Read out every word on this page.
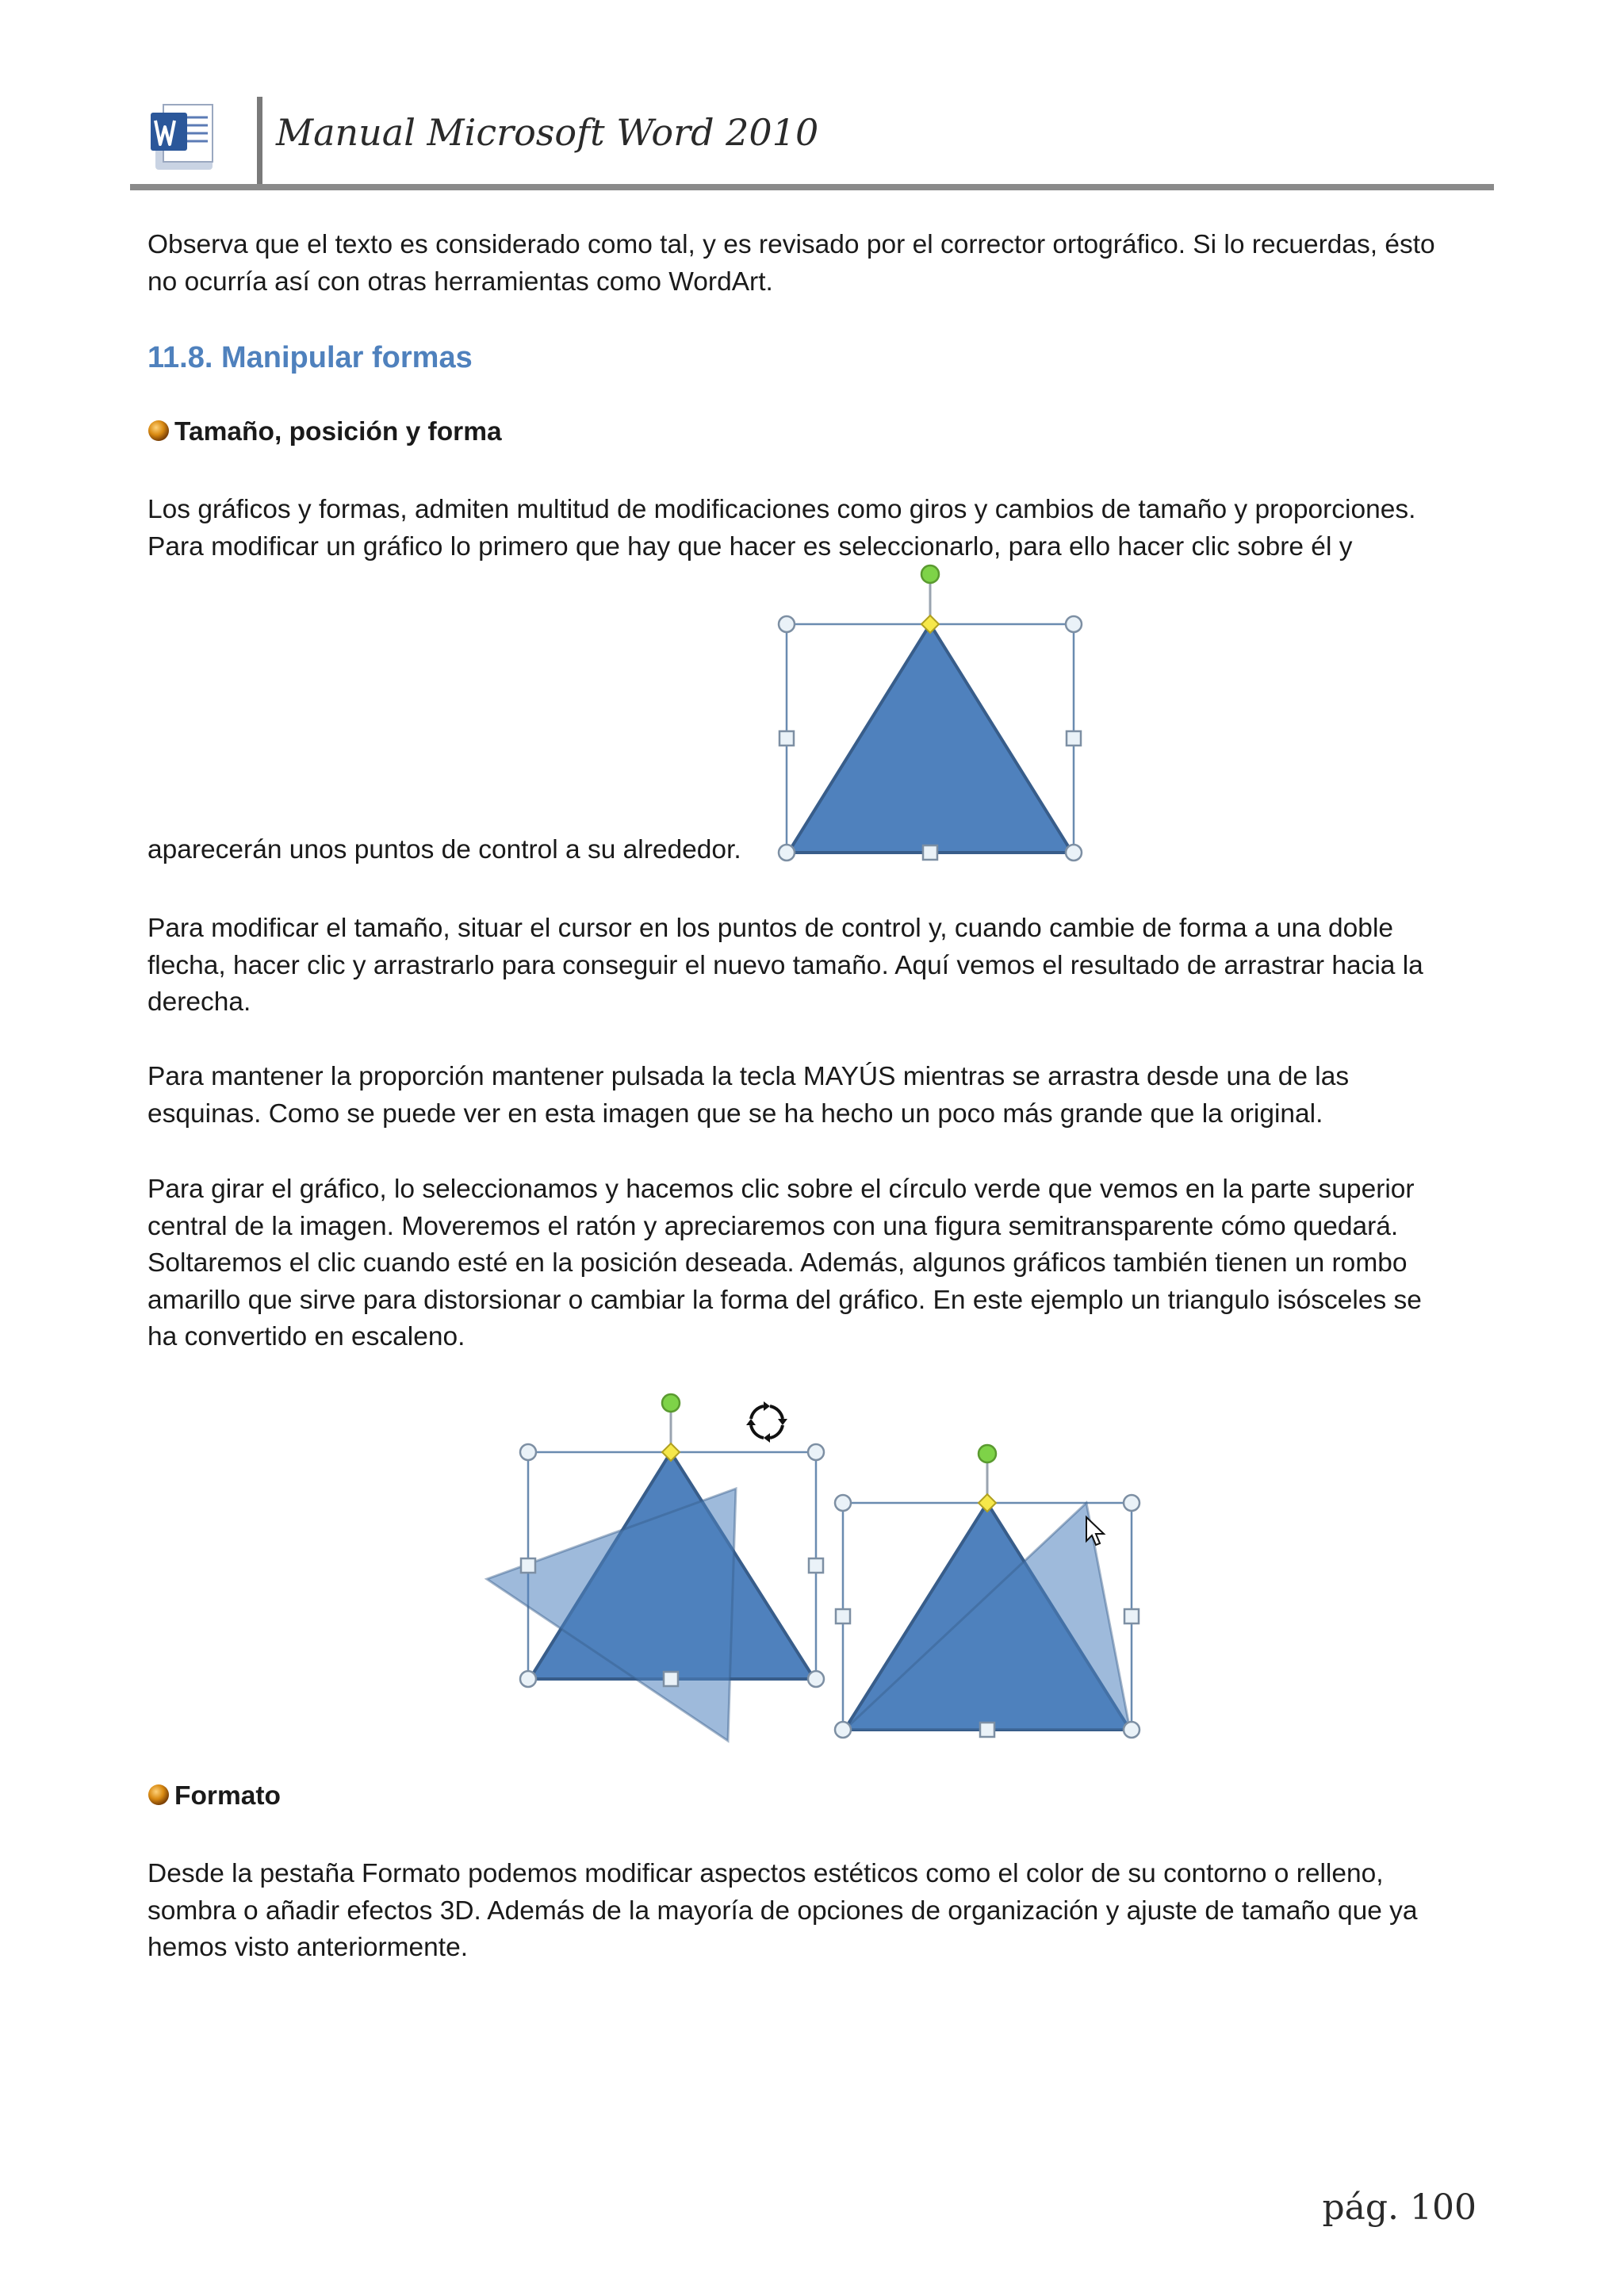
Manual Microsoft Word 2010
Observa que el texto es considerado como tal, y es revisado por el corrector ortográfico. Si lo recuerdas, ésto
no ocurría así con otras herramientas como WordArt.
11.8. Manipular formas
Tamaño, posición y forma
Los gráficos y formas, admiten multitud de modificaciones como giros y cambios de tamaño y proporciones.
Para modificar un gráfico lo primero que hay que hacer es seleccionarlo, para ello hacer clic sobre él y
aparecerán unos puntos de control a su alrededor.
Para modificar el tamaño, situar el cursor en los puntos de control y, cuando cambie de forma a una doble
flecha, hacer clic y arrastrarlo para conseguir el nuevo tamaño. Aquí vemos el resultado de arrastrar hacia la
derecha.
Para mantener la proporción mantener pulsada la tecla MAYÚS mientras se arrastra desde una de las
esquinas. Como se puede ver en esta imagen que se ha hecho un poco más grande que la original.
Para girar el gráfico, lo seleccionamos y hacemos clic sobre el círculo verde que vemos en la parte superior
central de la imagen. Moveremos el ratón y apreciaremos con una figura semitransparente cómo quedará.
Soltaremos el clic cuando esté en la posición deseada. Además, algunos gráficos también tienen un rombo
amarillo que sirve para distorsionar o cambiar la forma del gráfico. En este ejemplo un triangulo isósceles se
ha convertido en escaleno.
Formato
Desde la pestaña Formato podemos modificar aspectos estéticos como el color de su contorno o relleno,
sombra o añadir efectos 3D. Además de la mayoría de opciones de organización y ajuste de tamaño que ya
hemos visto anteriormente.
pág. 100
